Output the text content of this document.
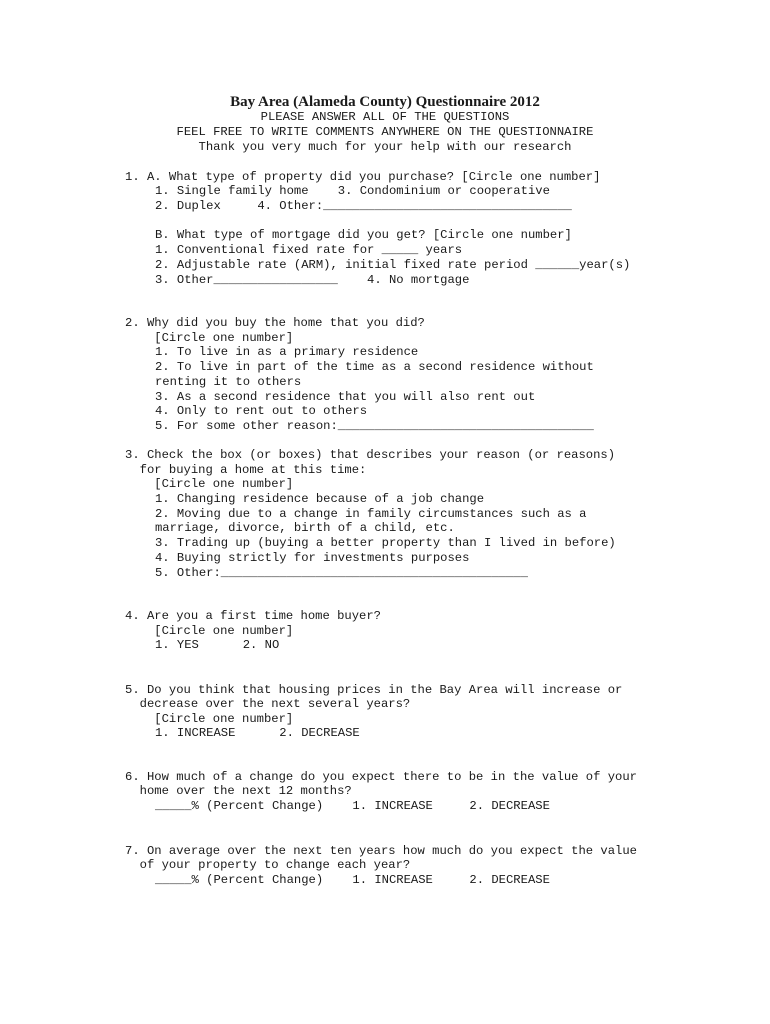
Bay Area (Alameda County) Questionnaire 2012
PLEASE ANSWER ALL OF THE QUESTIONS
FEEL FREE TO WRITE COMMENTS ANYWHERE ON THE QUESTIONNAIRE
Thank you very much for your help with our research
1. A. What type of property did you purchase? [Circle one number]
1. Single family home    3. Condominium or cooperative
2. Duplex     4. Other:__________________________________
B. What type of mortgage did you get? [Circle one number]
1. Conventional fixed rate for _____ years
2. Adjustable rate (ARM), initial fixed rate period ______year(s)
3. Other_________________    4. No mortgage
2. Why did you buy the home that you did?
[Circle one number]
1. To live in as a primary residence
2. To live in part of the time as a second residence without
renting it to others
3. As a second residence that you will also rent out
4. Only to rent out to others
5. For some other reason:___________________________________
3. Check the box (or boxes) that describes your reason (or reasons)
for buying a home at this time:
[Circle one number]
1. Changing residence because of a job change
2. Moving due to a change in family circumstances such as a
marriage, divorce, birth of a child, etc.
3. Trading up (buying a better property than I lived in before)
4. Buying strictly for investments purposes
5. Other:__________________________________________
4. Are you a first time home buyer?
[Circle one number]
1. YES      2. NO
5. Do you think that housing prices in the Bay Area will increase or
decrease over the next several years?
[Circle one number]
1. INCREASE      2. DECREASE
6. How much of a change do you expect there to be in the value of your
home over the next 12 months?
_____% (Percent Change)    1. INCREASE     2. DECREASE
7. On average over the next ten years how much do you expect the value
of your property to change each year?
_____% (Percent Change)    1. INCREASE     2. DECREASE
